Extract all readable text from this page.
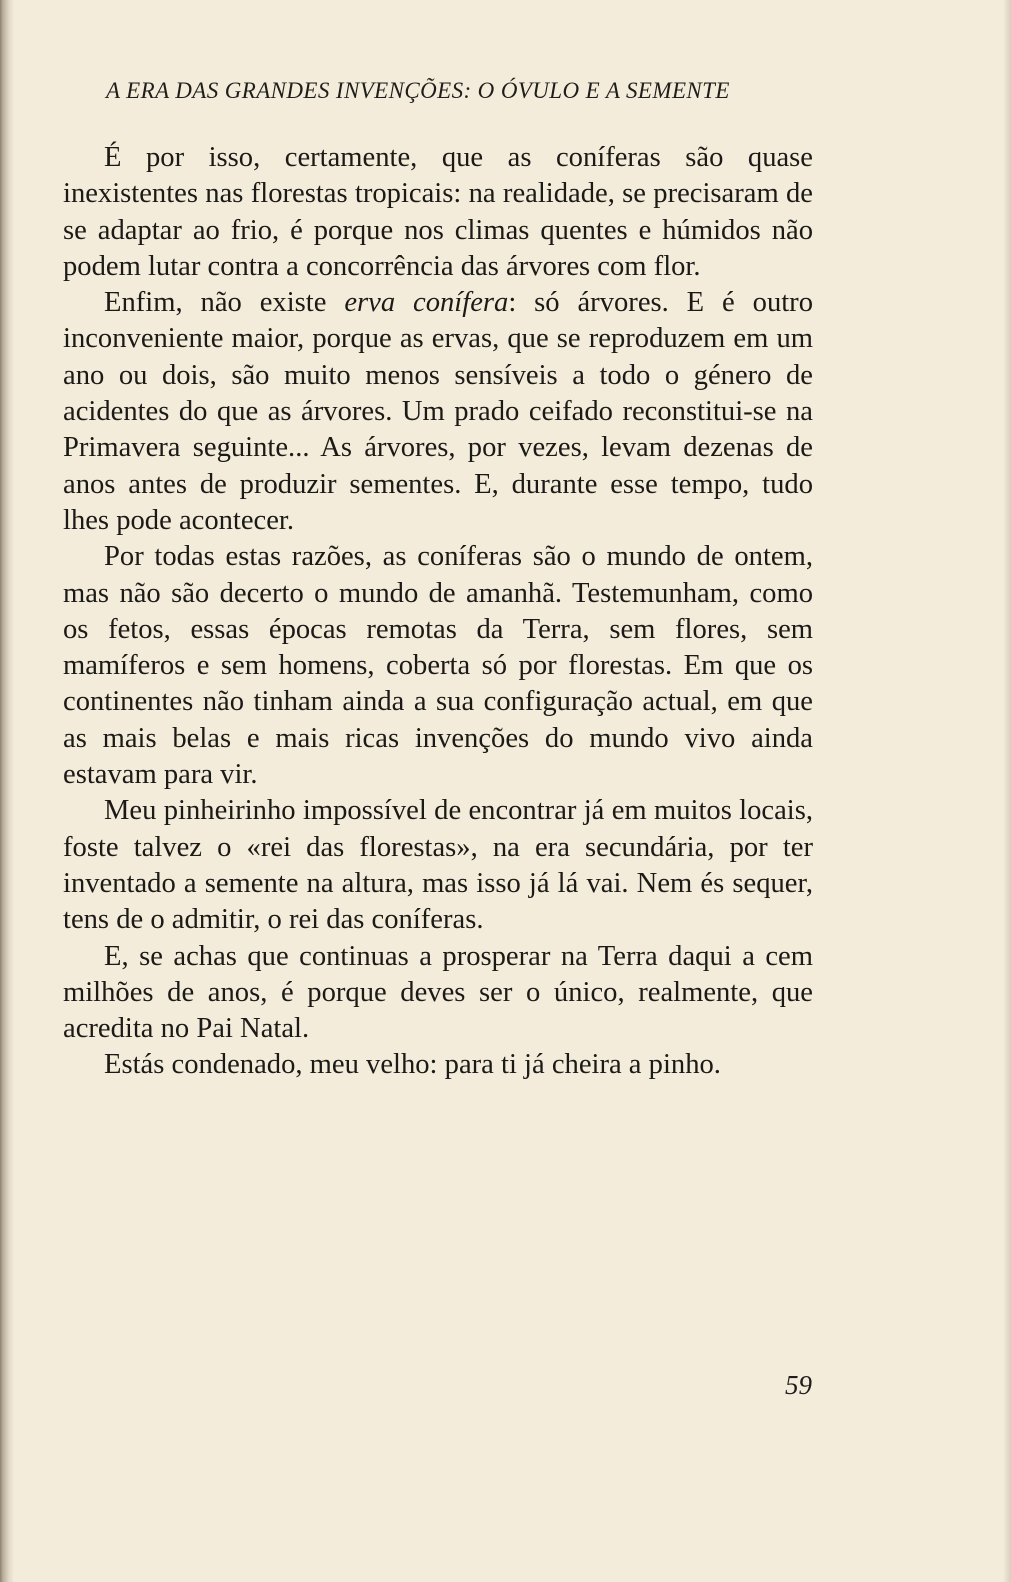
A ERA DAS GRANDES INVENÇÕES: O ÓVULO E A SEMENTE

É por isso, certamente, que as coníferas são quase inexistentes nas florestas tropicais: na realidade, se precisaram de se adaptar ao frio, é porque nos climas quentes e húmidos não podem lutar contra a concorrência das árvores com flor.

Enfim, não existe erva conífera: só árvores. E é outro inconveniente maior, porque as ervas, que se reproduzem em um ano ou dois, são muito menos sensíveis a todo o género de acidentes do que as árvores. Um prado ceifado reconstitui-se na Primavera seguinte... As árvores, por vezes, levam dezenas de anos antes de produzir sementes. E, durante esse tempo, tudo lhes pode acontecer.

Por todas estas razões, as coníferas são o mundo de ontem, mas não são decerto o mundo de amanhã. Testemunham, como os fetos, essas épocas remotas da Terra, sem flores, sem mamíferos e sem homens, coberta só por florestas. Em que os continentes não tinham ainda a sua configuração actual, em que as mais belas e mais ricas invenções do mundo vivo ainda estavam para vir.

Meu pinheirinho impossível de encontrar já em muitos locais, foste talvez o «rei das florestas», na era secundária, por ter inventado a semente na altura, mas isso já lá vai. Nem és sequer, tens de o admitir, o rei das coníferas.

E, se achas que continuas a prosperar na Terra daqui a cem milhões de anos, é porque deves ser o único, realmente, que acredita no Pai Natal.

Estás condenado, meu velho: para ti já cheira a pinho.

59
